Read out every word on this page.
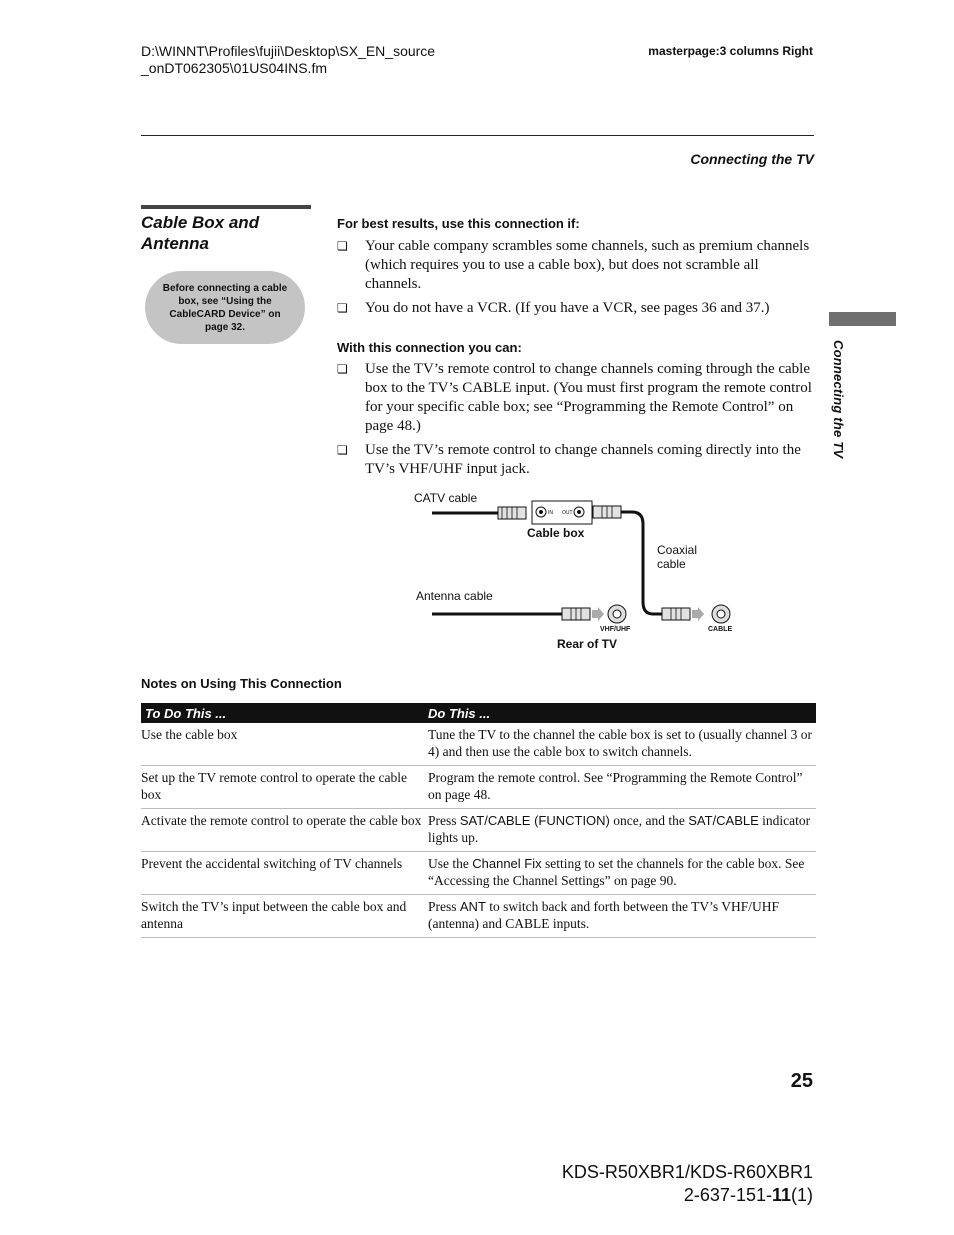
D:\WINNT\Profiles\fujii\Desktop\SX_EN_source
_onDT062305\01US04INS.fm
masterpage:3 columns Right
Connecting the TV
Connecting the TV
Cable Box and
Antenna
Before connecting a cable box, see “Using the CableCARD Device” on page 32.
For best results, use this connection if:
❏ Your cable company scrambles some channels, such as premium channels (which requires you to use a cable box), but does not scramble all channels.
❏ You do not have a VCR. (If you have a VCR, see pages 36 and 37.)
With this connection you can:
❏ Use the TV’s remote control to change channels coming through the cable box to the TV’s CABLE input. (You must first program the remote control for your specific cable box; see “Programming the Remote Control” on page 48.)
❏ Use the TV’s remote control to change channels coming directly into the TV’s VHF/UHF input jack.
CATV cable
IN OUT
Cable box
Coaxial
cable
Antenna cable
VHF/UHF	CABLE
Rear of TV
Notes on Using This Connection
To Do This ...	Do This ...
Use the cable box	Tune the TV to the channel the cable box is set to (usually channel 3 or 4) and then use the cable box to switch channels.
Set up the TV remote control to operate the cable box	Program the remote control. See “Programming the Remote Control” on page 48.
Activate the remote control to operate the cable box	Press SAT/CABLE (FUNCTION) once, and the SAT/CABLE indicator lights up.
Prevent the accidental switching of TV channels	Use the Channel Fix setting to set the channels for the cable box. See “Accessing the Channel Settings” on page 90.
Switch the TV’s input between the cable box and antenna	Press ANT to switch back and forth between the TV’s VHF/UHF (antenna) and CABLE inputs.
25
KDS-R50XBR1/KDS-R60XBR1
2-637-151-11(1)
